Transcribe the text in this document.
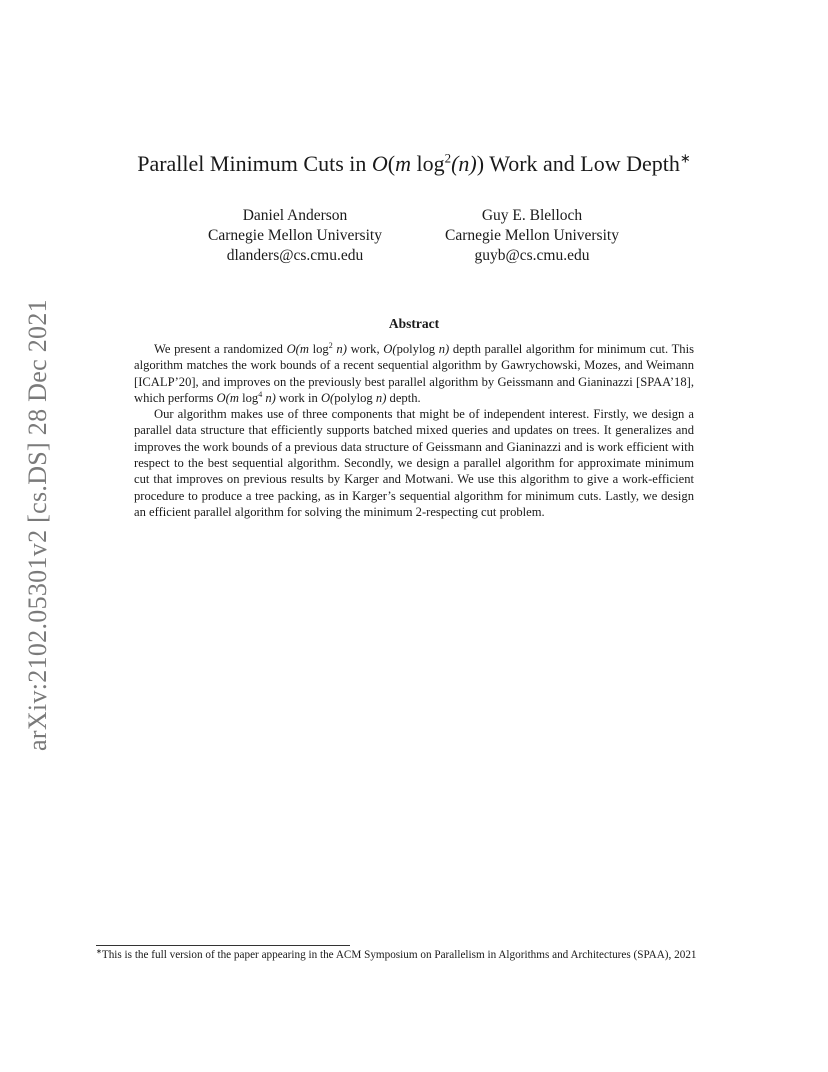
arXiv:2102.05301v2 [cs.DS] 28 Dec 2021
Parallel Minimum Cuts in O(m $\log^2(n)$) Work and Low Depth∗
Daniel Anderson
Carnegie Mellon University
dlanders@cs.cmu.edu
Guy E. Blelloch
Carnegie Mellon University
guyb@cs.cmu.edu
Abstract

We present a randomized O(m $\log^2 n$) work, O(polylog n) depth parallel algorithm for minimum cut. This algorithm matches the work bounds of a recent sequential algorithm by Gawrychowski, Mozes, and Weimann [ICALP’20], and improves on the previously best parallel algorithm by Geissmann and Gianinazzi [SPAA’18], which performs O(m $\log^4 n$) work in O(polylog n) depth.

Our algorithm makes use of three components that might be of independent interest. Firstly, we design a parallel data structure that efficiently supports batched mixed queries and updates on trees. It generalizes and improves the work bounds of a previous data structure of Geissmann and Gianinazzi and is work efficient with respect to the best sequential algorithm. Secondly, we design a parallel algorithm for approximate minimum cut that improves on previous results by Karger and Motwani. We use this algorithm to give a work-efficient procedure to produce a tree packing, as in Karger’s sequential algorithm for minimum cuts. Lastly, we design an efficient parallel algorithm for solving the minimum 2-respecting cut problem.

∗This is the full version of the paper appearing in the ACM Symposium on Parallelism in Algorithms and Architectures (SPAA), 2021
